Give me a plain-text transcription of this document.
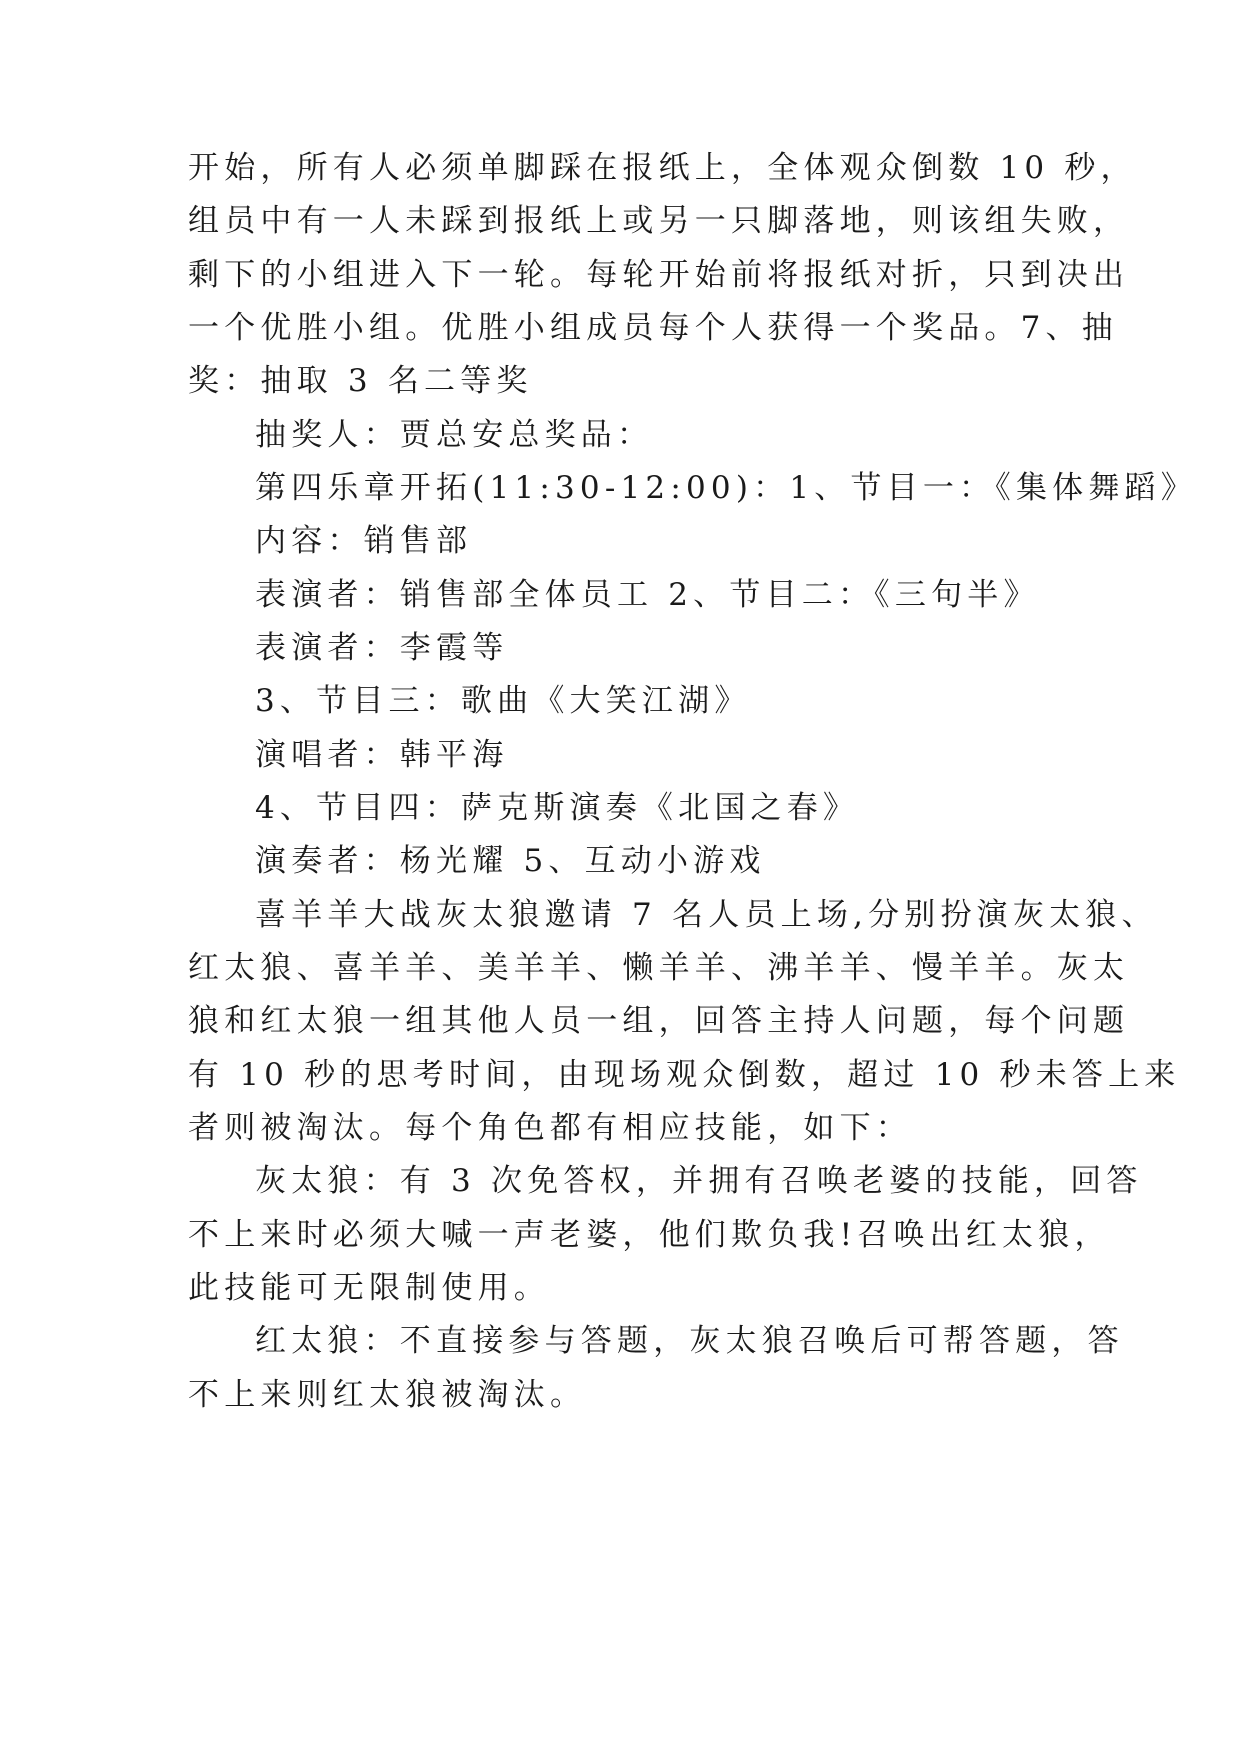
开始，所有人必须单脚踩在报纸上，全体观众倒数 10 秒，
组员中有一人未踩到报纸上或另一只脚落地，则该组失败，
剩下的小组进入下一轮。每轮开始前将报纸对折，只到决出
一个优胜小组。优胜小组成员每个人获得一个奖品。7、抽
奖：抽取 3 名二等奖
抽奖人：贾总安总奖品：
第四乐章开拓(11:30-12:00)：1、节目一：《集体舞蹈》
内容：销售部
表演者：销售部全体员工 2、节目二：《三句半》
表演者：李霞等
3、节目三：歌曲《大笑江湖》
演唱者：韩平海
4、节目四：萨克斯演奏《北国之春》
演奏者：杨光耀 5、互动小游戏
喜羊羊大战灰太狼邀请 7 名人员上场,分别扮演灰太狼、
红太狼、喜羊羊、美羊羊、懒羊羊、沸羊羊、慢羊羊。灰太
狼和红太狼一组其他人员一组，回答主持人问题，每个问题
有 10 秒的思考时间，由现场观众倒数，超过 10 秒未答上来
者则被淘汰。每个角色都有相应技能，如下：
灰太狼：有 3 次免答权，并拥有召唤老婆的技能，回答
不上来时必须大喊一声老婆，他们欺负我!召唤出红太狼，
此技能可无限制使用。
红太狼：不直接参与答题，灰太狼召唤后可帮答题，答
不上来则红太狼被淘汰。
